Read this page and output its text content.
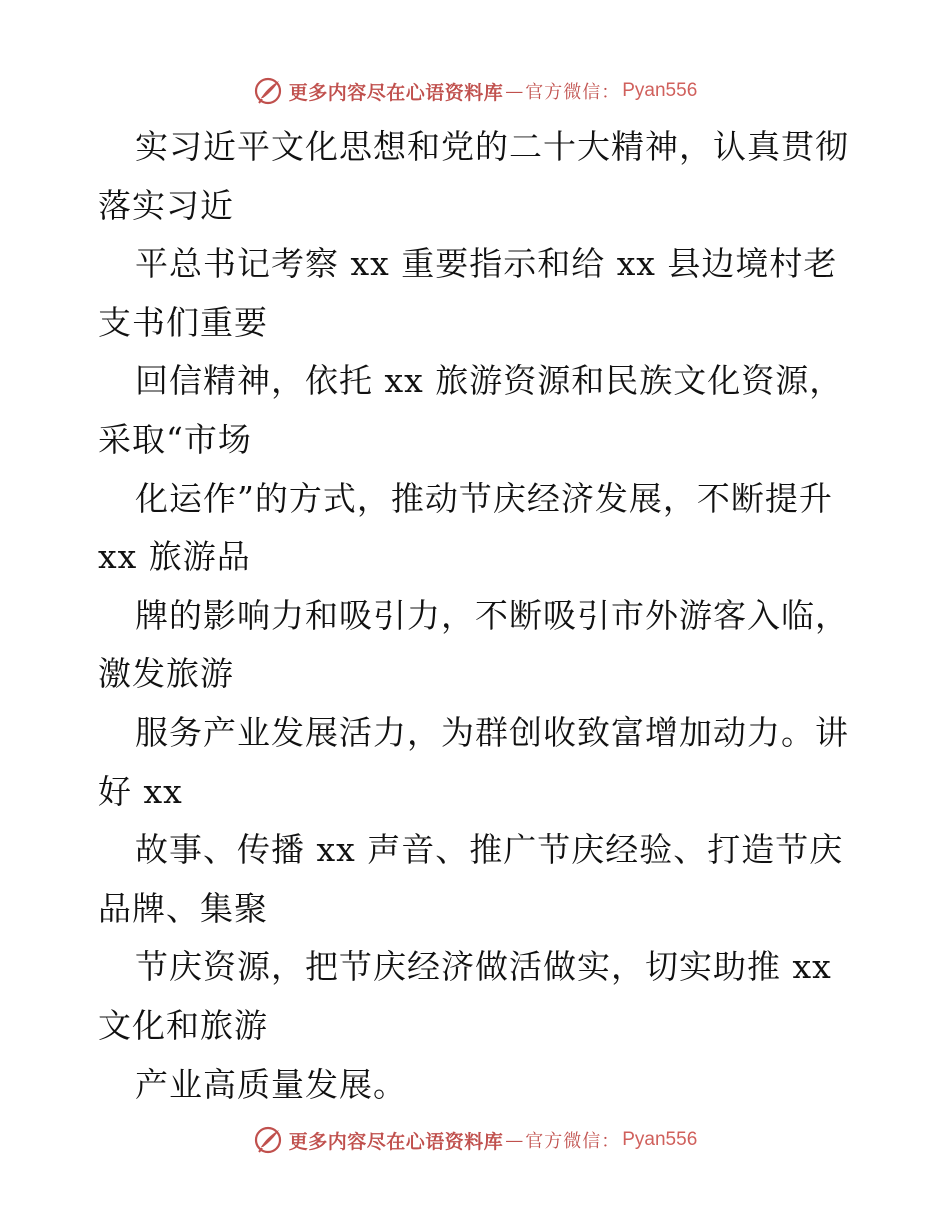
更多内容尽在心语资料库 — 官方微信： Pyan556
实习近平文化思想和党的二十大精神，认真贯彻
落实习近
平总书记考察 xx 重要指示和给 xx 县边境村老
支书们重要
回信精神，依托 xx 旅游资源和民族文化资源，
采取“市场
化运作”的方式，推动节庆经济发展，不断提升
xx 旅游品
牌的影响力和吸引力，不断吸引市外游客入临，
激发旅游
服务产业发展活力，为群创收致富增加动力。讲
好 xx
故事、传播 xx 声音、推广节庆经验、打造节庆
品牌、集聚
节庆资源，把节庆经济做活做实，切实助推 xx
文化和旅游
产业高质量发展。
更多内容尽在心语资料库 — 官方微信： Pyan556
